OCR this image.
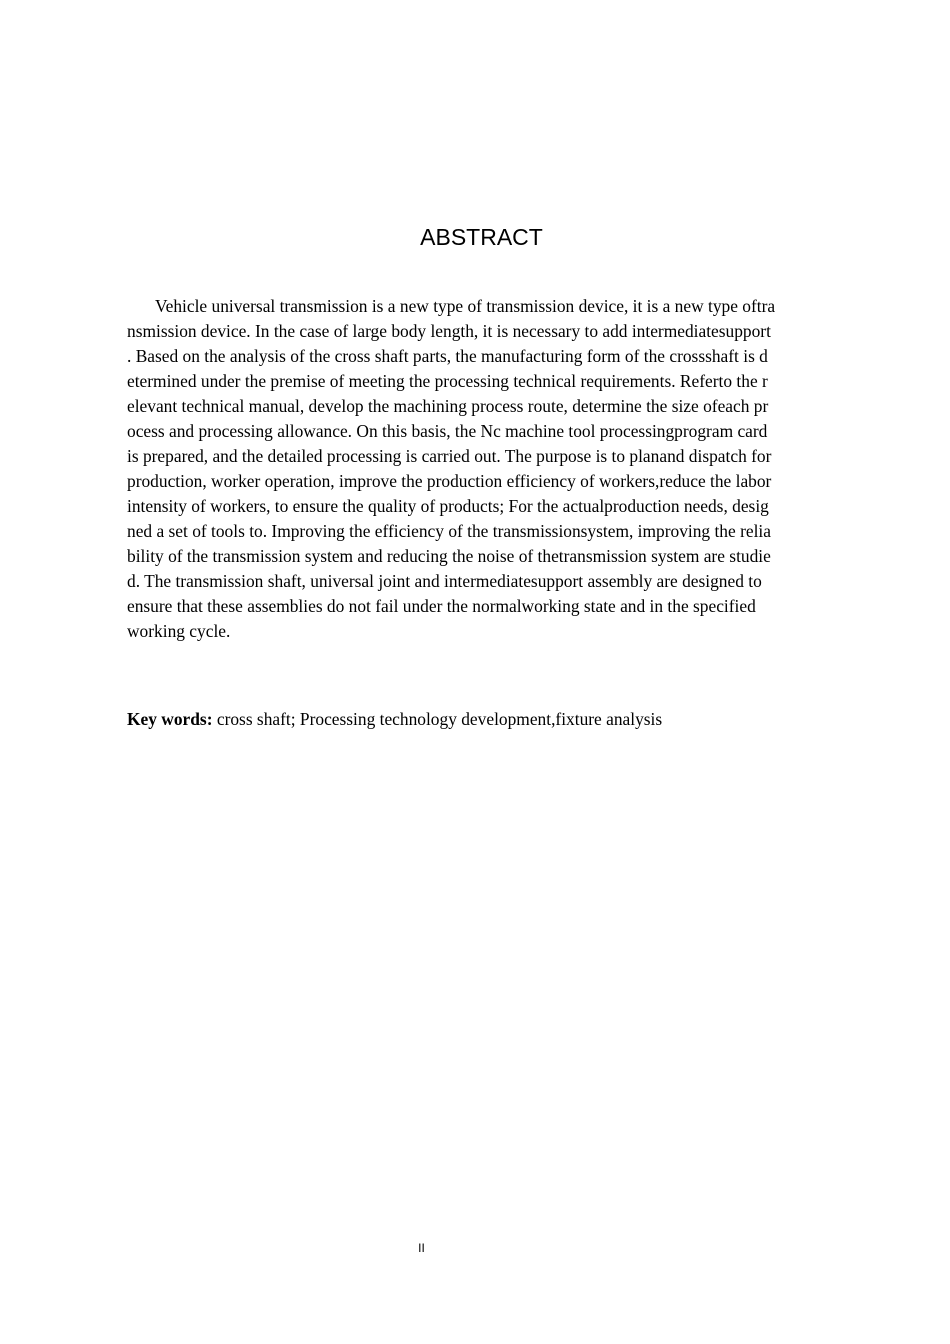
ABSTRACT
Vehicle universal transmission is a new type of transmission device, it is a new type oftra
nsmission device. In the case of large body length, it is necessary to add intermediatesupport
. Based on the analysis of the cross shaft parts, the manufacturing form of the crossshaft is d
etermined under the premise of meeting the processing technical requirements. Referto the r
elevant technical manual, develop the machining process route, determine the size ofeach pr
ocess and processing allowance. On this basis, the Nc machine tool processingprogram card
is prepared, and the detailed processing is carried out. The purpose is to planand dispatch for
production, worker operation, improve the production efficiency of workers,reduce the labor
intensity of workers, to ensure the quality of products; For the actualproduction needs, desig
ned a set of tools to. Improving the efficiency of the transmissionsystem, improving the relia
bility of the transmission system and reducing the noise of thetransmission system are studie
d. The transmission shaft, universal joint and intermediatesupport assembly are designed to
ensure that these assemblies do not fail under the normalworking state and in the specified
working cycle.

Key words: cross shaft; Processing technology development,fixture analysis

II
